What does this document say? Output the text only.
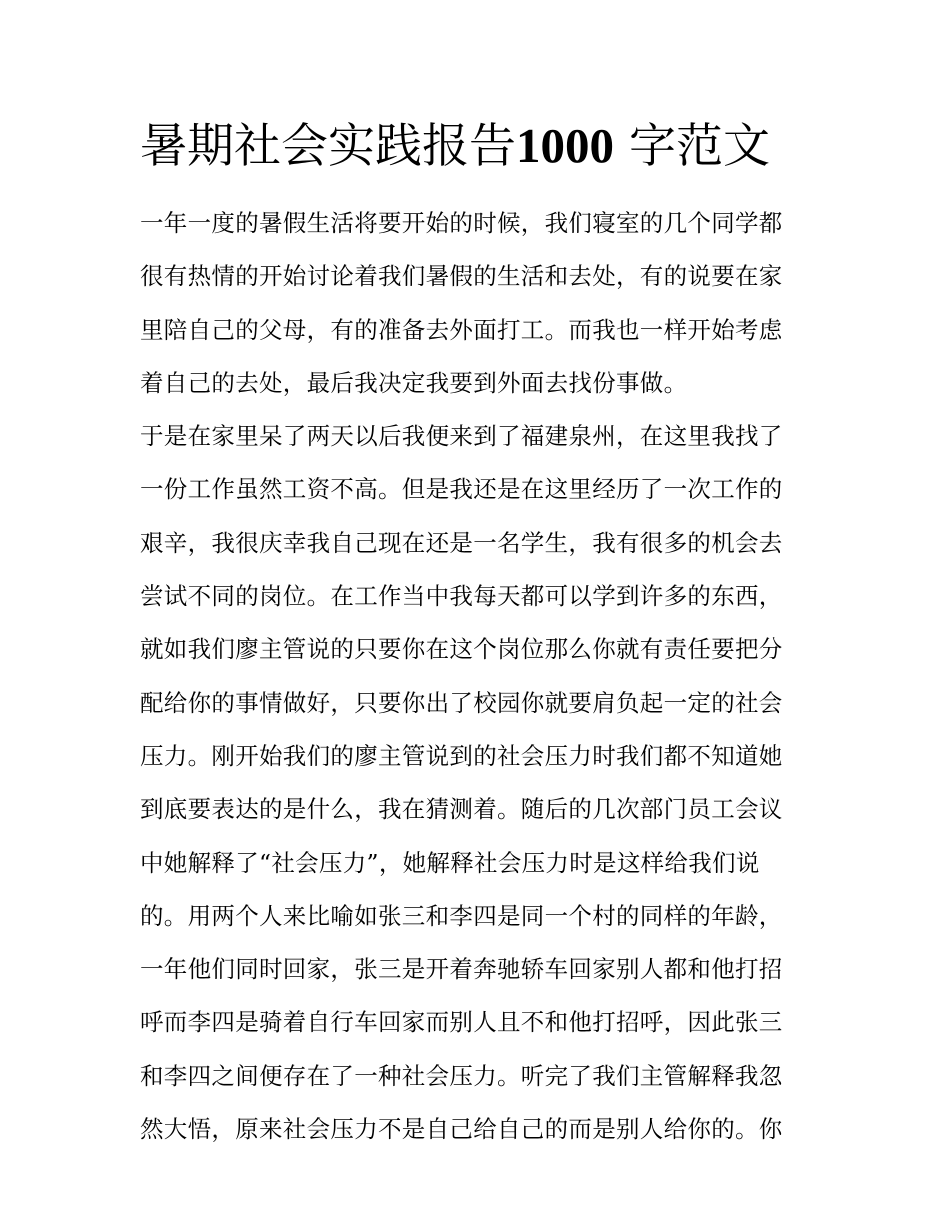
暑期社会实践报告1000 字范文
一年一度的暑假生活将要开始的时候，我们寝室的几个同学都
很有热情的开始讨论着我们暑假的生活和去处，有的说要在家
里陪自己的父母，有的准备去外面打工。而我也一样开始考虑
着自己的去处，最后我决定我要到外面去找份事做。
于是在家里呆了两天以后我便来到了福建泉州，在这里我找了
一份工作虽然工资不高。但是我还是在这里经历了一次工作的
艰辛，我很庆幸我自己现在还是一名学生，我有很多的机会去
尝试不同的岗位。在工作当中我每天都可以学到许多的东西，
就如我们廖主管说的只要你在这个岗位那么你就有责任要把分
配给你的事情做好，只要你出了校园你就要肩负起一定的社会
压力。刚开始我们的廖主管说到的社会压力时我们都不知道她
到底要表达的是什么，我在猜测着。随后的几次部门员工会议
中她解释了“社会压力”，她解释社会压力时是这样给我们说
的。用两个人来比喻如张三和李四是同一个村的同样的年龄，
一年他们同时回家，张三是开着奔驰轿车回家别人都和他打招
呼而李四是骑着自行车回家而别人且不和他打招呼，因此张三
和李四之间便存在了一种社会压力。听完了我们主管解释我忽
然大悟，原来社会压力不是自己给自己的而是别人给你的。你
